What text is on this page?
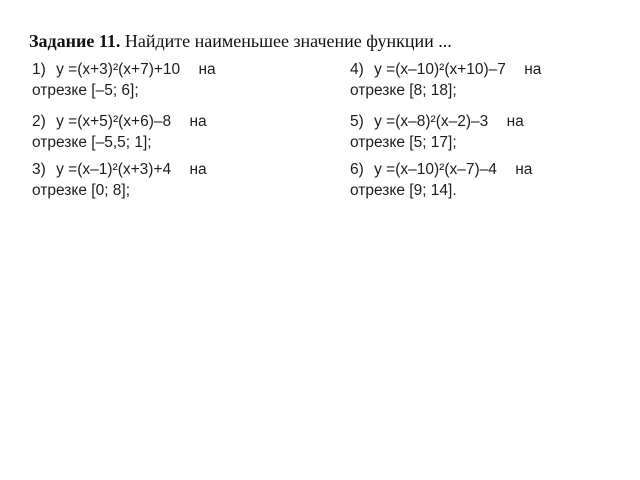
Задание 11. Найдите наименьшее значение функции ...
1) y =(x+3)²(x+7)+10 на
отрезке [–5; 6];
2) y =(x+5)²(x+6)–8 на
отрезке [–5,5; 1];
3) y =(x–1)²(x+3)+4 на
отрезке [0; 8];
4) y =(x–10)²(x+10)–7 на
отрезке [8; 18];
5) y =(x–8)²(x–2)–3 на
отрезке [5; 17];
6) y =(x–10)²(x–7)–4 на
отрезке [9; 14].
